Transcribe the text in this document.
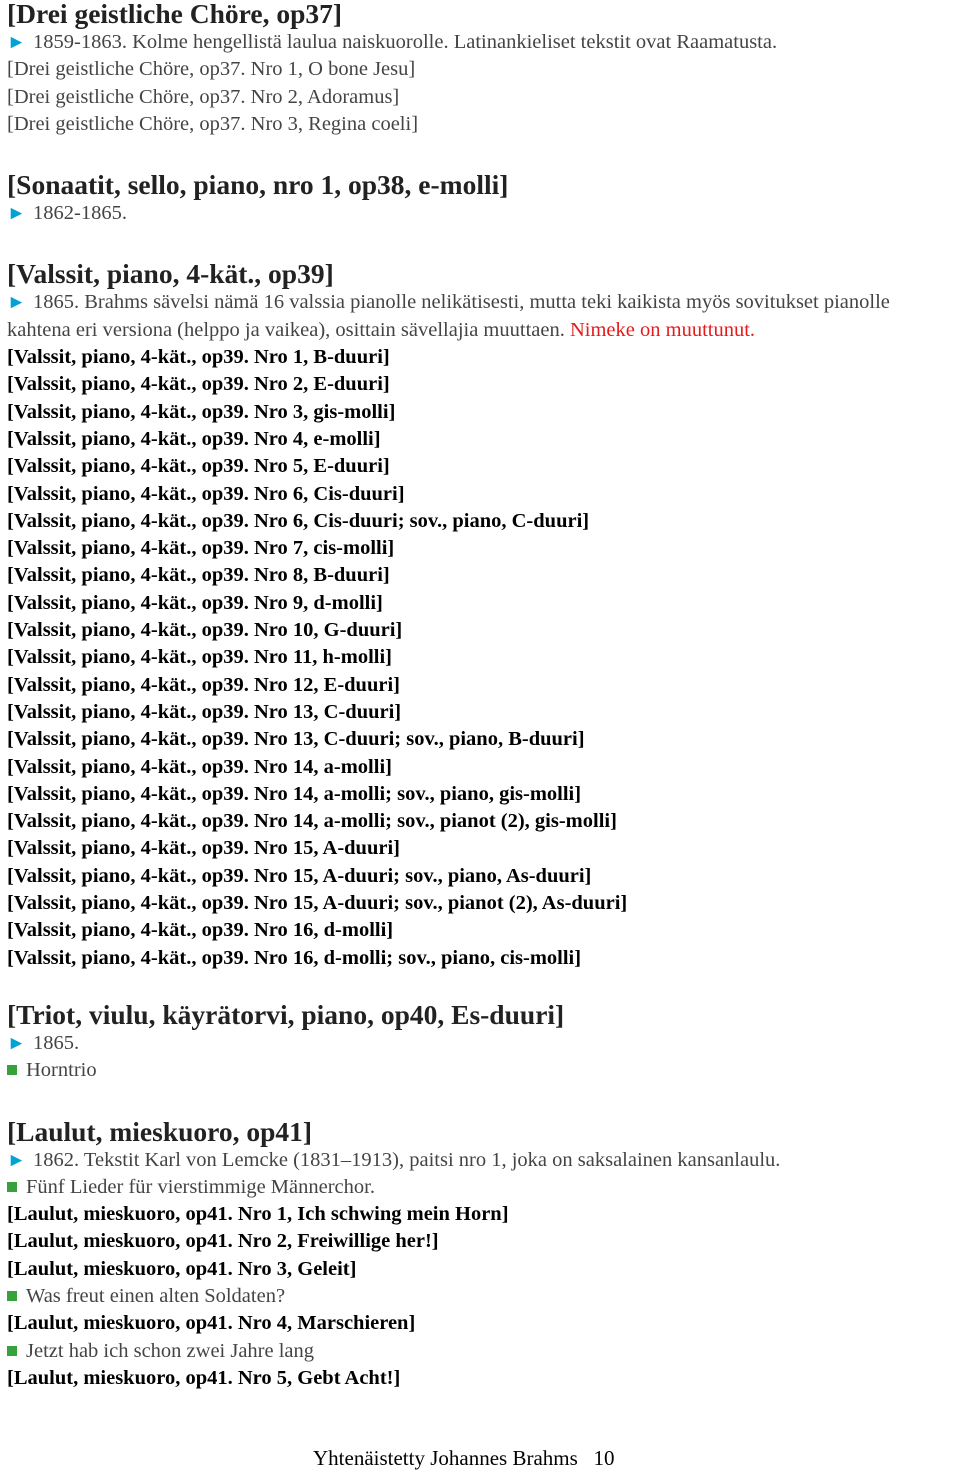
[Drei geistliche Chöre, op37]
► 1859-1863. Kolme hengellistä laulua naiskuorolle. Latinankieliset tekstit ovat Raamatusta.
[Drei geistliche Chöre, op37. Nro 1, O bone Jesu]
[Drei geistliche Chöre, op37. Nro 2, Adoramus]
[Drei geistliche Chöre, op37. Nro 3, Regina coeli]
[Sonaatit, sello, piano, nro 1, op38, e-molli]
► 1862-1865.
[Valssit, piano, 4-kät., op39]
► 1865. Brahms sävelsi nämä 16 valssia pianolle nelikätisesti, mutta teki kaikista myös sovitukset pianolle kahtena eri versiona (helppo ja vaikea), osittain sävellajia muuttaen. Nimeke on muuttunut.
[Valssit, piano, 4-kät., op39. Nro 1, B-duuri]
[Valssit, piano, 4-kät., op39. Nro 2, E-duuri]
[Valssit, piano, 4-kät., op39. Nro 3, gis-molli]
[Valssit, piano, 4-kät., op39. Nro 4, e-molli]
[Valssit, piano, 4-kät., op39. Nro 5, E-duuri]
[Valssit, piano, 4-kät., op39. Nro 6, Cis-duuri]
[Valssit, piano, 4-kät., op39. Nro 6, Cis-duuri; sov., piano, C-duuri]
[Valssit, piano, 4-kät., op39. Nro 7, cis-molli]
[Valssit, piano, 4-kät., op39. Nro 8, B-duuri]
[Valssit, piano, 4-kät., op39. Nro 9, d-molli]
[Valssit, piano, 4-kät., op39. Nro 10, G-duuri]
[Valssit, piano, 4-kät., op39. Nro 11, h-molli]
[Valssit, piano, 4-kät., op39. Nro 12, E-duuri]
[Valssit, piano, 4-kät., op39. Nro 13, C-duuri]
[Valssit, piano, 4-kät., op39. Nro 13, C-duuri; sov., piano, B-duuri]
[Valssit, piano, 4-kät., op39. Nro 14, a-molli]
[Valssit, piano, 4-kät., op39. Nro 14, a-molli; sov., piano, gis-molli]
[Valssit, piano, 4-kät., op39. Nro 14, a-molli; sov., pianot (2), gis-molli]
[Valssit, piano, 4-kät., op39. Nro 15, A-duuri]
[Valssit, piano, 4-kät., op39. Nro 15, A-duuri; sov., piano, As-duuri]
[Valssit, piano, 4-kät., op39. Nro 15, A-duuri; sov., pianot (2), As-duuri]
[Valssit, piano, 4-kät., op39. Nro 16, d-molli]
[Valssit, piano, 4-kät., op39. Nro 16, d-molli; sov., piano, cis-molli]
[Triot, viulu, käyrätorvi, piano, op40, Es-duuri]
► 1865.
Horntrio
[Laulut, mieskuoro, op41]
► 1862. Tekstit Karl von Lemcke (1831–1913), paitsi nro 1, joka on saksalainen kansanlaulu.
Fünf Lieder für vierstimmige Männerchor.
[Laulut, mieskuoro, op41. Nro 1, Ich schwing mein Horn]
[Laulut, mieskuoro, op41. Nro 2, Freiwillige her!]
[Laulut, mieskuoro, op41. Nro 3, Geleit]
Was freut einen alten Soldaten?
[Laulut, mieskuoro, op41. Nro 4, Marschieren]
Jetzt hab ich schon zwei Jahre lang
[Laulut, mieskuoro, op41. Nro 5, Gebt Acht!]
Yhtenäistetty Johannes Brahms 10
